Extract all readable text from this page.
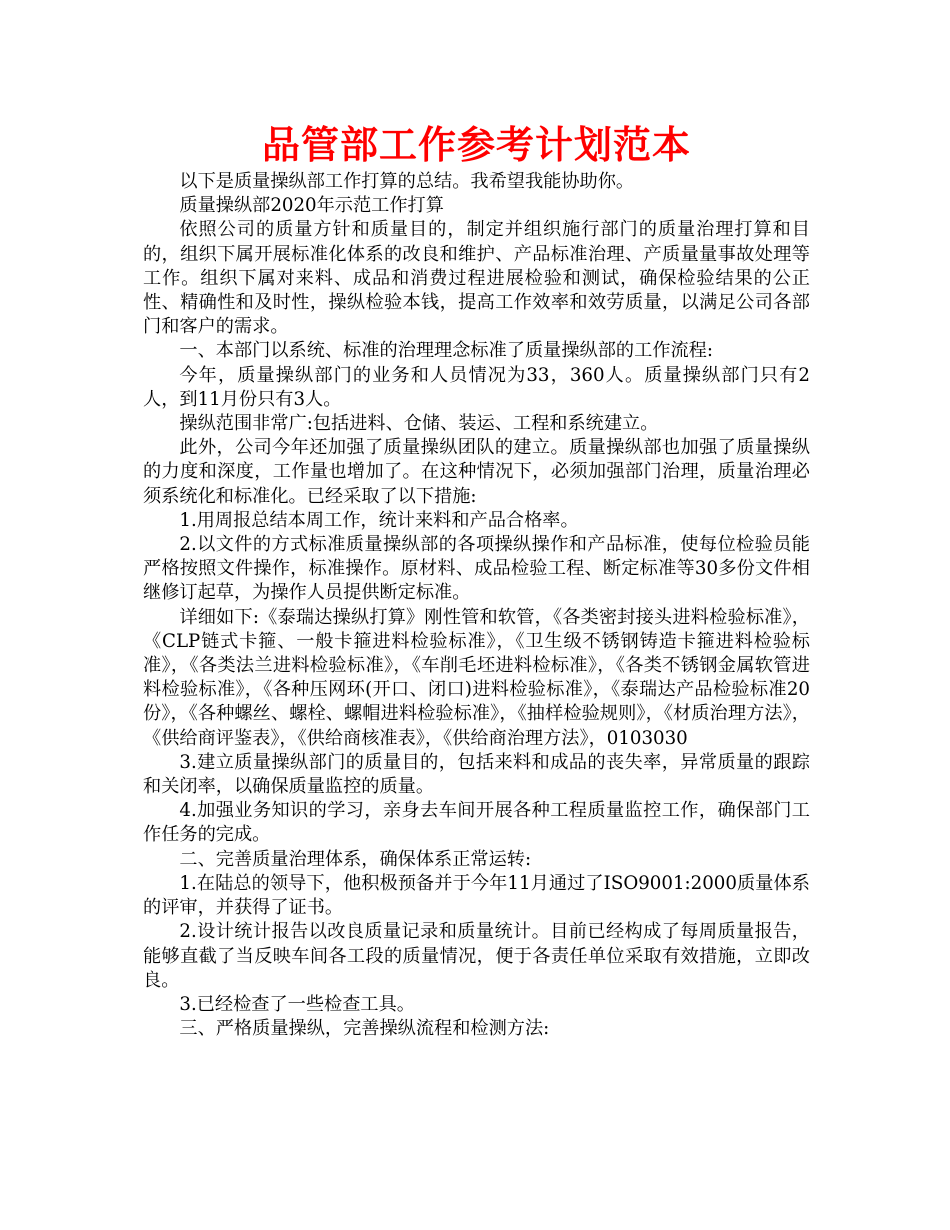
品管部工作参考计划范本

以下是质量操纵部工作打算的总结。我希望我能协助你。

质量操纵部2020年示范工作打算

依照公司的质量方针和质量目的，制定并组织施行部门的质量治理打算和目的，组织下属开展标准化体系的改良和维护、产品标准治理、产质量量事故处理等工作。组织下属对来料、成品和消费过程进展检验和测试，确保检验结果的公正性、精确性和及时性，操纵检验本钱，提高工作效率和效劳质量，以满足公司各部门和客户的需求。

一、本部门以系统、标准的治理理念标准了质量操纵部的工作流程:

今年，质量操纵部门的业务和人员情况为33，360人。质量操纵部门只有2人，到11月份只有3人。

操纵范围非常广:包括进料、仓储、装运、工程和系统建立。

此外，公司今年还加强了质量操纵团队的建立。质量操纵部也加强了质量操纵的力度和深度，工作量也增加了。在这种情况下，必须加强部门治理，质量治理必须系统化和标准化。已经采取了以下措施:

1.用周报总结本周工作，统计来料和产品合格率。

2.以文件的方式标准质量操纵部的各项操纵操作和产品标准，使每位检验员能严格按照文件操作，标准操作。原材料、成品检验工程、断定标准等30多份文件相继修订起草，为操作人员提供断定标准。

详细如下:《泰瑞达操纵打算》刚性管和软管，《各类密封接头进料检验标准》，《CLP链式卡箍、一般卡箍进料检验标准》，《卫生级不锈钢铸造卡箍进料检验标准》，《各类法兰进料检验标准》，《车削毛坯进料检标准》，《各类不锈钢金属软管进料检验标准》，《各种压网环(开口、闭口)进料检验标准》，《泰瑞达产品检验标准20份》，《各种螺丝、螺栓、螺帽进料检验标准》，《抽样检验规则》，《材质治理方法》，《供给商评鉴表》，《供给商核准表》，《供给商治理方法》，0103030

3.建立质量操纵部门的质量目的，包括来料和成品的丧失率，异常质量的跟踪和关闭率，以确保质量监控的质量。

4.加强业务知识的学习，亲身去车间开展各种工程质量监控工作，确保部门工作任务的完成。

二、完善质量治理体系，确保体系正常运转:

1.在陆总的领导下，他积极预备并于今年11月通过了ISO9001:2000质量体系的评审，并获得了证书。

2.设计统计报告以改良质量记录和质量统计。目前已经构成了每周质量报告，能够直截了当反映车间各工段的质量情况，便于各责任单位采取有效措施，立即改良。

3.已经检查了一些检查工具。

三、严格质量操纵，完善操纵流程和检测方法:
